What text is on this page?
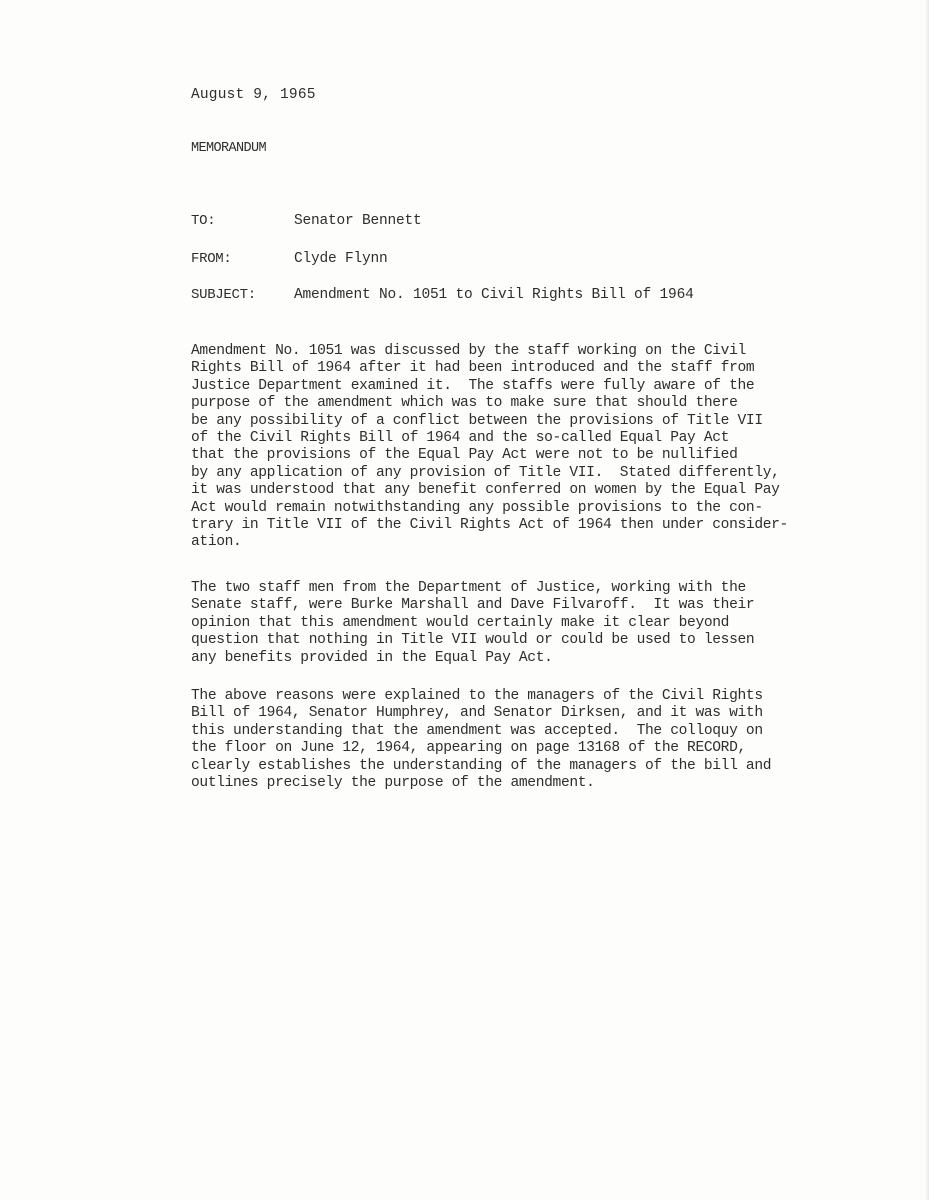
August 9, 1965
MEMORANDUM
TO:	Senator Bennett
FROM:	Clyde Flynn
SUBJECT:	Amendment No. 1051 to Civil Rights Bill of 1964

Amendment No. 1051 was discussed by the staff working on the Civil
Rights Bill of 1964 after it had been introduced and the staff from
Justice Department examined it.  The staffs were fully aware of the
purpose of the amendment which was to make sure that should there
be any possibility of a conflict between the provisions of Title VII
of the Civil Rights Bill of 1964 and the so-called Equal Pay Act
that the provisions of the Equal Pay Act were not to be nullified
by any application of any provision of Title VII.  Stated differently,
it was understood that any benefit conferred on women by the Equal Pay
Act would remain notwithstanding any possible provisions to the con-
trary in Title VII of the Civil Rights Act of 1964 then under consider-
ation.

The two staff men from the Department of Justice, working with the
Senate staff, were Burke Marshall and Dave Filvaroff.  It was their
opinion that this amendment would certainly make it clear beyond
question that nothing in Title VII would or could be used to lessen
any benefits provided in the Equal Pay Act.

The above reasons were explained to the managers of the Civil Rights
Bill of 1964, Senator Humphrey, and Senator Dirksen, and it was with
this understanding that the amendment was accepted.  The colloquy on
the floor on June 12, 1964, appearing on page 13168 of the RECORD,
clearly establishes the understanding of the managers of the bill and
outlines precisely the purpose of the amendment.
